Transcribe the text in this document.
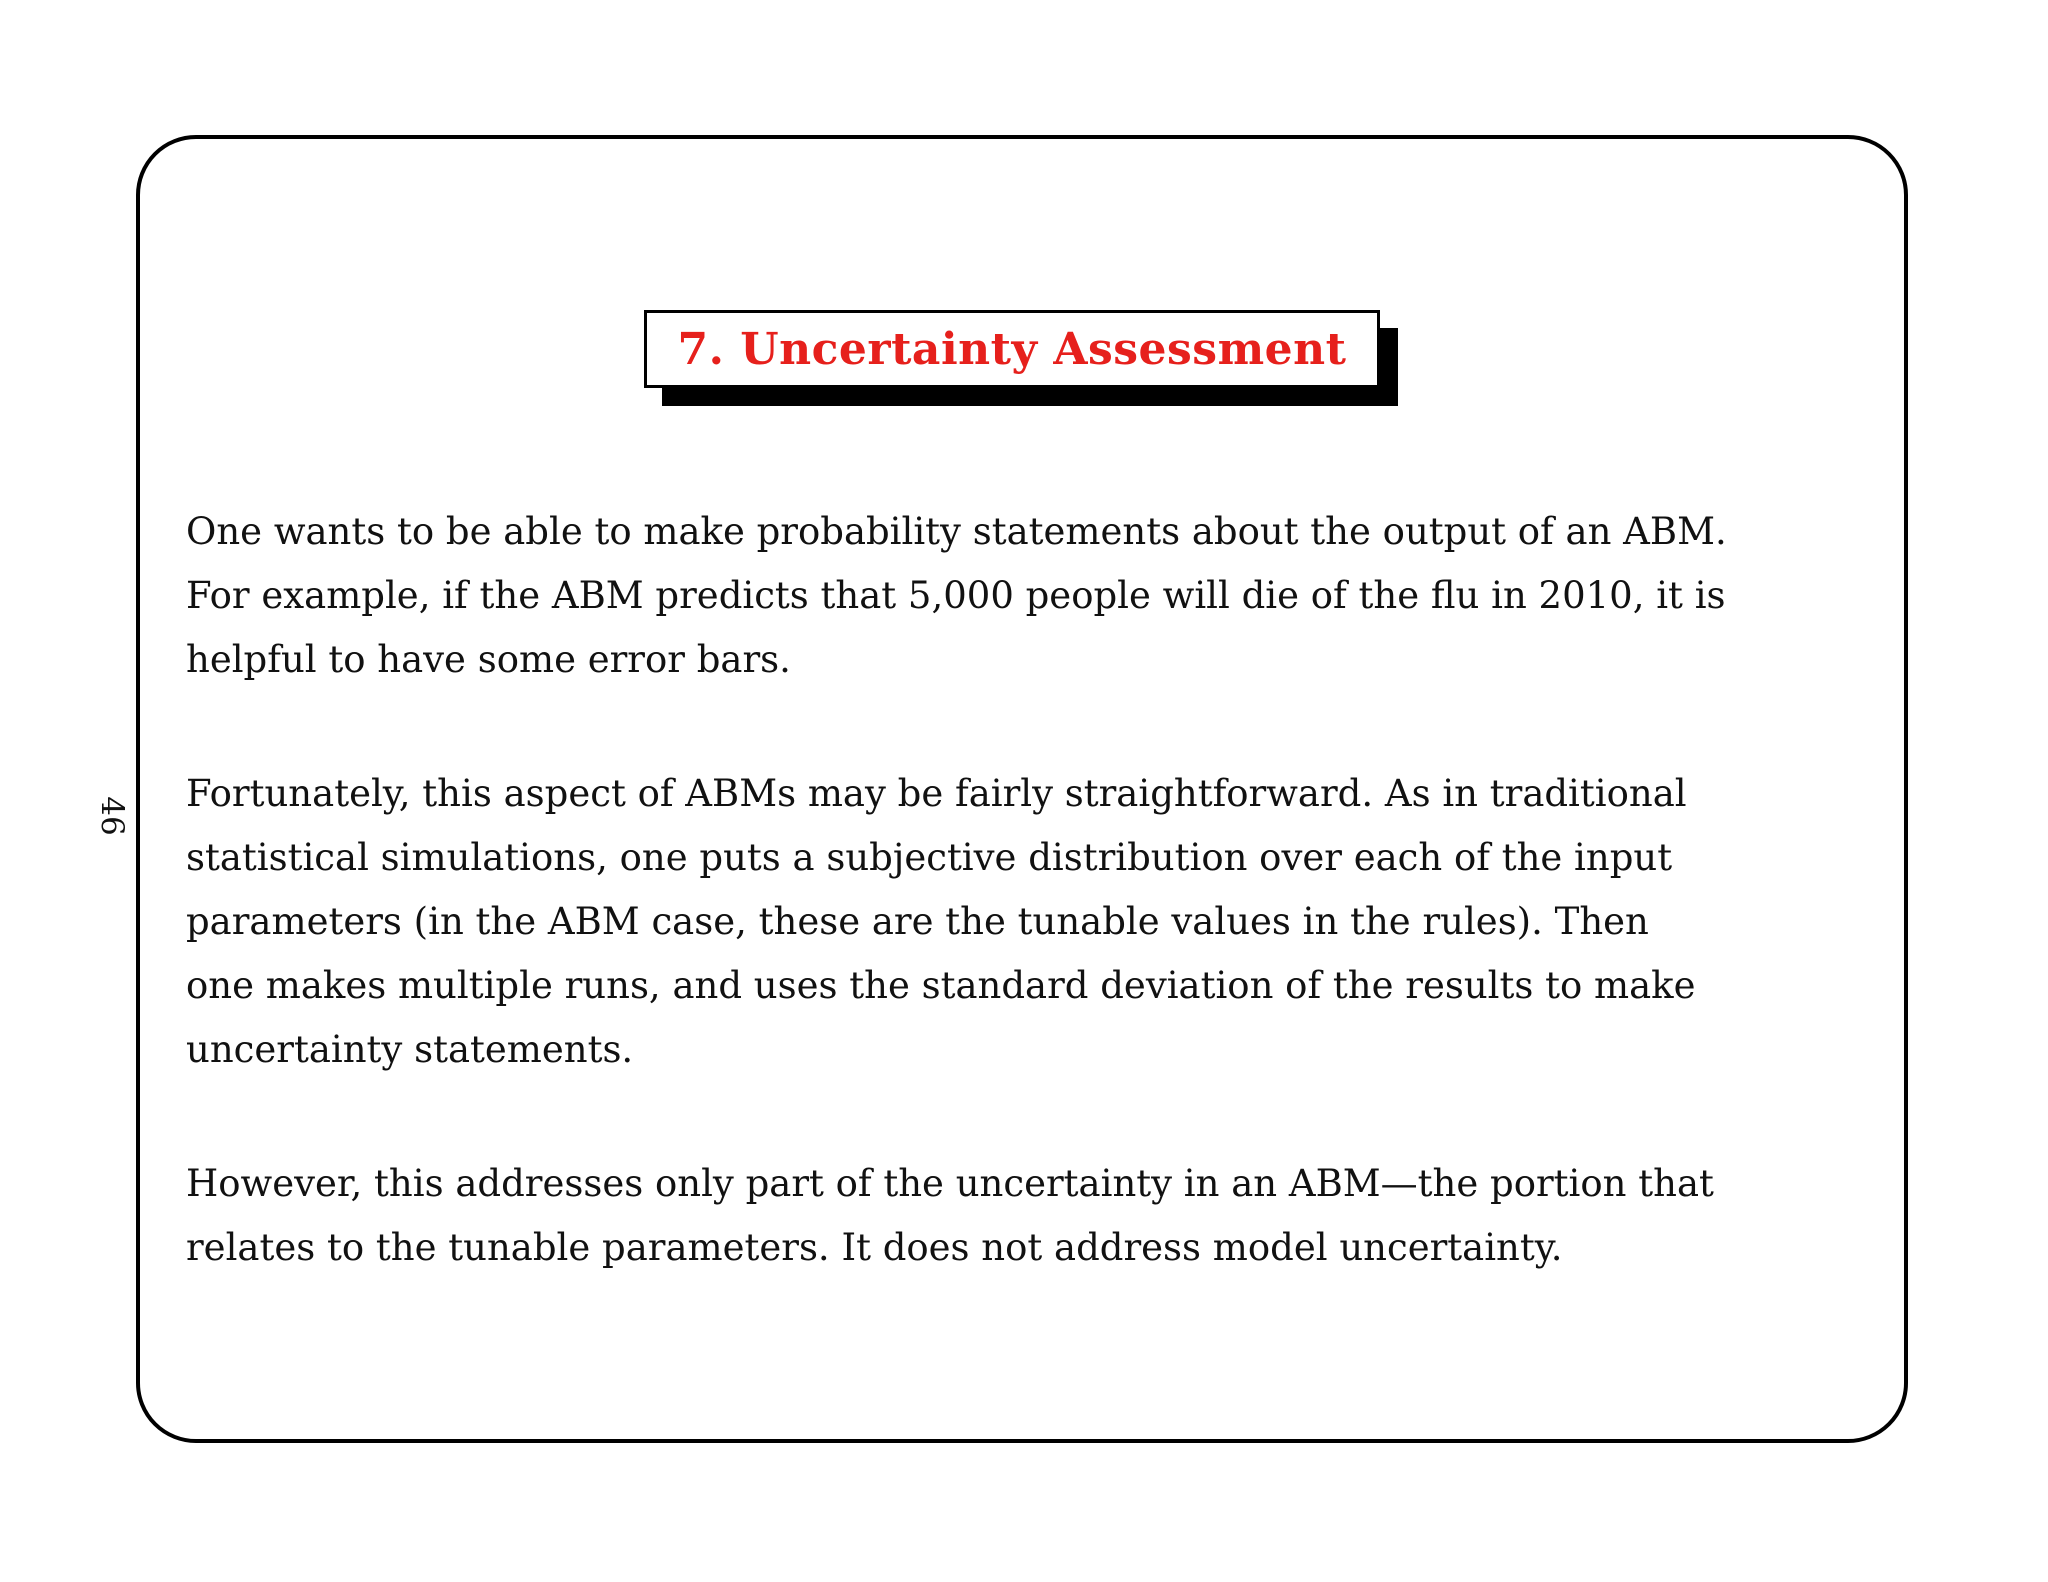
46
7. Uncertainty Assessment

One wants to be able to make probability statements about the output of an ABM.
For example, if the ABM predicts that 5,000 people will die of the flu in 2010, it is
helpful to have some error bars.

Fortunately, this aspect of ABMs may be fairly straightforward. As in traditional
statistical simulations, one puts a subjective distribution over each of the input
parameters (in the ABM case, these are the tunable values in the rules). Then
one makes multiple runs, and uses the standard deviation of the results to make
uncertainty statements.

However, this addresses only part of the uncertainty in an ABM—the portion that
relates to the tunable parameters. It does not address model uncertainty.
